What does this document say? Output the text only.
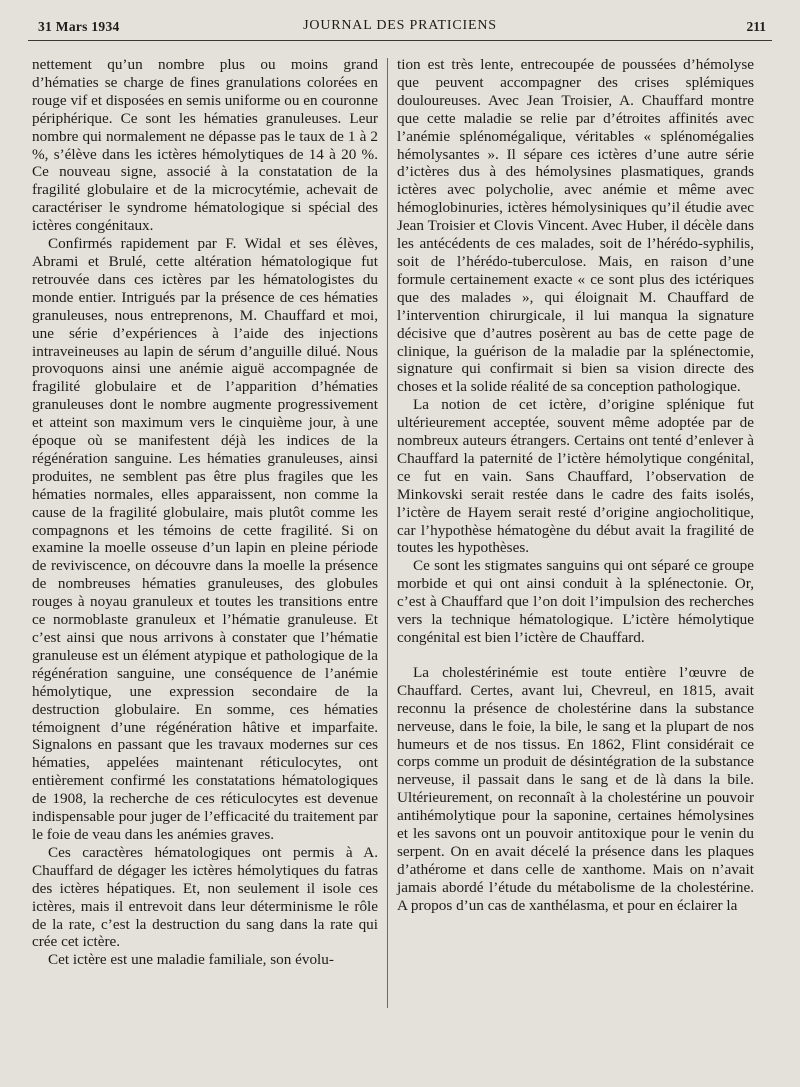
31 Mars 1934	JOURNAL DES PRATICIENS	211

nettement qu’un nombre plus ou moins grand d’hématies se charge de fines granulations colorées en rouge vif et disposées en semis uniforme ou en couronne périphérique. Ce sont les hématies granuleuses. Leur nombre qui normalement ne dépasse pas le taux de 1 à 2 %, s’élève dans les ictères hémolytiques de 14 à 20 %. Ce nouveau signe, associé à la constatation de la fragilité globulaire et de la microcytémie, achevait de caractériser le syndrome hématologique si spécial des ictères congénitaux.

Confirmés rapidement par F. Widal et ses élèves, Abrami et Brulé, cette altération hématologique fut retrouvée dans ces ictères par les hématologistes du monde entier. Intrigués par la présence de ces hématies granuleuses, nous entreprenons, M. Chauffard et moi, une série d’expériences à l’aide des injections intraveineuses au lapin de sérum d’anguille dilué. Nous provoquons ainsi une anémie aiguë accompagnée de fragilité globulaire et de l’apparition d’hématies granuleuses dont le nombre augmente progressivement et atteint son maximum vers le cinquième jour, à une époque où se manifestent déjà les indices de la régénération sanguine. Les hématies granuleuses, ainsi produites, ne semblent pas être plus fragiles que les hématies normales, elles apparaissent, non comme la cause de la fragilité globulaire, mais plutôt comme les compagnons et les témoins de cette fragilité. Si on examine la moelle osseuse d’un lapin en pleine période de reviviscence, on découvre dans la moelle la présence de nombreuses hématies granuleuses, des globules rouges à noyau granuleux et toutes les transitions entre ce normoblaste granuleux et l’hématie granuleuse. Et c’est ainsi que nous arrivons à constater que l’hématie granuleuse est un élément atypique et pathologique de la régénération sanguine, une conséquence de l’anémie hémolytique, une expression secondaire de la destruction globulaire. En somme, ces hématies témoignent d’une régénération hâtive et imparfaite. Signalons en passant que les travaux modernes sur ces hématies, appelées maintenant réticulocytes, ont entièrement confirmé les constatations hématologiques de 1908, la recherche de ces réticulocytes est devenue indispensable pour juger de l’efficacité du traitement par le foie de veau dans les anémies graves.

Ces caractères hématologiques ont permis à A. Chauffard de dégager les ictères hémolytiques du fatras des ictères hépatiques. Et, non seulement il isole ces ictères, mais il entrevoit dans leur déterminisme le rôle de la rate, c’est la destruction du sang dans la rate qui crée cet ictère.

Cet ictère est une maladie familiale, son évolu-

tion est très lente, entrecoupée de poussées d’hémolyse que peuvent accompagner des crises splémiques douloureuses. Avec Jean Troisier, A. Chauffard montre que cette maladie se relie par d’étroites affinités avec l’anémie splénomégalique, véritables « splénomégalies hémolysantes ». Il sépare ces ictères d’une autre série d’ictères dus à des hémolysines plasmatiques, grands ictères avec polycholie, avec anémie et même avec hémoglobinuries, ictères hémolysiniques qu’il étudie avec Jean Troisier et Clovis Vincent. Avec Huber, il décèle dans les antécédents de ces malades, soit de l’hérédo-syphilis, soit de l’hérédo-tuberculose. Mais, en raison d’une formule certainement exacte « ce sont plus des ictériques que des malades », qui éloignait M. Chauffard de l’intervention chirurgicale, il lui manqua la signature décisive que d’autres posèrent au bas de cette page de clinique, la guérison de la maladie par la splénectomie, signature qui confirmait si bien sa vision directe des choses et la solide réalité de sa conception pathologique.

La notion de cet ictère, d’origine splénique fut ultérieurement acceptée, souvent même adoptée par de nombreux auteurs étrangers. Certains ont tenté d’enlever à Chauffard la paternité de l’ictère hémolytique congénital, ce fut en vain. Sans Chauffard, l’observation de Minkovski serait restée dans le cadre des faits isolés, l’ictère de Hayem serait resté d’origine angiocholitique, car l’hypothèse hématogène du début avait la fragilité de toutes les hypothèses.

Ce sont les stigmates sanguins qui ont séparé ce groupe morbide et qui ont ainsi conduit à la splénectonie. Or, c’est à Chauffard que l’on doit l’impulsion des recherches vers la technique hématologique. L’ictère hémolytique congénital est bien l’ictère de Chauffard.

La cholestérinémie est toute entière l’œuvre de Chauffard. Certes, avant lui, Chevreul, en 1815, avait reconnu la présence de cholestérine dans la substance nerveuse, dans le foie, la bile, le sang et la plupart de nos humeurs et de nos tissus. En 1862, Flint considérait ce corps comme un produit de désintégration de la substance nerveuse, il passait dans le sang et de là dans la bile. Ultérieurement, on reconnaît à la cholestérine un pouvoir antihémolytique pour la saponine, certaines hémolysines et les savons ont un pouvoir antitoxique pour le venin du serpent. On en avait décelé la présence dans les plaques d’athérome et dans celle de xanthome. Mais on n’avait jamais abordé l’étude du métabolisme de la cholestérine. A propos d’un cas de xanthélasma, et pour en éclairer la
